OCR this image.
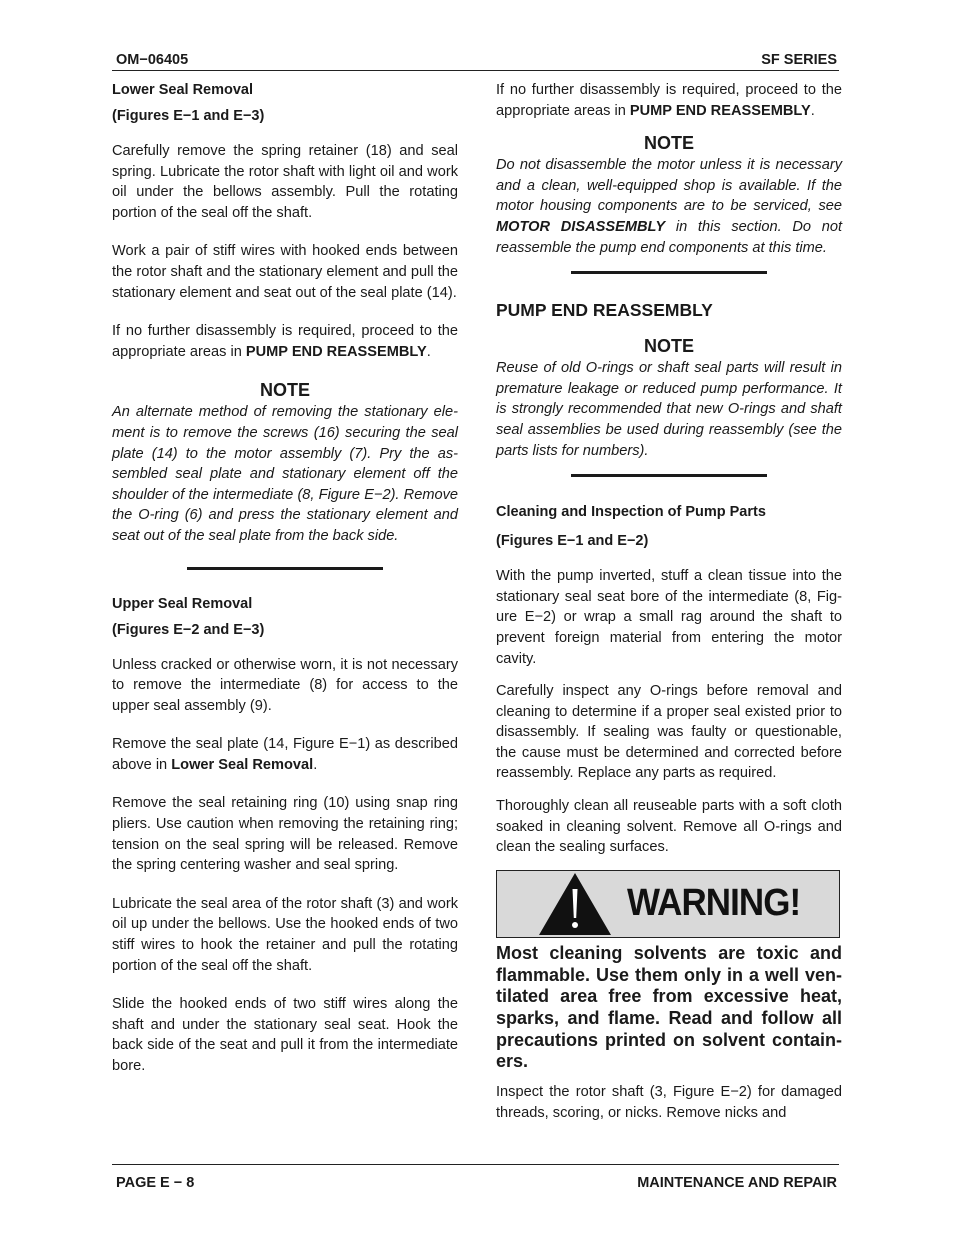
OM−06405	SF SERIES

Lower Seal Removal

(Figures E−1 and E−3)

Carefully remove the spring retainer (18) and seal spring. Lubricate the rotor shaft with light oil and work oil under the bellows assembly. Pull the rotating portion of the seal off the shaft.

Work a pair of stiff wires with hooked ends between the rotor shaft and the stationary element and pull the stationary element and seat out of the seal plate (14).

If no further disassembly is required, proceed to the appropriate areas in PUMP END REASSEMBLY.

NOTE

An alternate method of removing the stationary element is to remove the screws (16) securing the seal plate (14) to the motor assembly (7). Pry the assembled seal plate and stationary element off the shoulder of the intermediate (8, Figure E−2). Remove the O-ring (6) and press the stationary element and seat out of the seal plate from the back side.

Upper Seal Removal

(Figures E−2 and E−3)

Unless cracked or otherwise worn, it is not necessary to remove the intermediate (8) for access to the upper seal assembly (9).

Remove the seal plate (14, Figure E−1) as described above in Lower Seal Removal.

Remove the seal retaining ring (10) using snap ring pliers. Use caution when removing the retaining ring; tension on the seal spring will be released. Remove the spring centering washer and seal spring.

Lubricate the seal area of the rotor shaft (3) and work oil up under the bellows. Use the hooked ends of two stiff wires to hook the retainer and pull the rotating portion of the seal off the shaft.

Slide the hooked ends of two stiff wires along the shaft and under the stationary seal seat. Hook the back side of the seat and pull it from the intermediate bore.

If no further disassembly is required, proceed to the appropriate areas in PUMP END REASSEMBLY.

NOTE

Do not disassemble the motor unless it is necessary and a clean, well-equipped shop is available. If the motor housing components are to be serviced, see MOTOR DISASSEMBLY in this section. Do not reassemble the pump end components at this time.

PUMP END REASSEMBLY

NOTE

Reuse of old O-rings or shaft seal parts will result in premature leakage or reduced pump performance. It is strongly recommended that new O-rings and shaft seal assemblies be used during reassembly (see the parts lists for numbers).

Cleaning and Inspection of Pump Parts

(Figures E−1 and E−2)

With the pump inverted, stuff a clean tissue into the stationary seal seat bore of the intermediate (8, Figure E−2) or wrap a small rag around the shaft to prevent foreign material from entering the motor cavity.

Carefully inspect any O-rings before removal and cleaning to determine if a proper seal existed prior to disassembly. If sealing was faulty or questionable, the cause must be determined and corrected before reassembly. Replace any parts as required.

Thoroughly clean all reuseable parts with a soft cloth soaked in cleaning solvent. Remove all O-rings and clean the sealing surfaces.

WARNING!

Most cleaning solvents are toxic and flammable. Use them only in a well ventilated area free from excessive heat, sparks, and flame. Read and follow all precautions printed on solvent containers.

Inspect the rotor shaft (3, Figure E−2) for damaged threads, scoring, or nicks. Remove nicks and

PAGE E − 8	MAINTENANCE AND REPAIR
